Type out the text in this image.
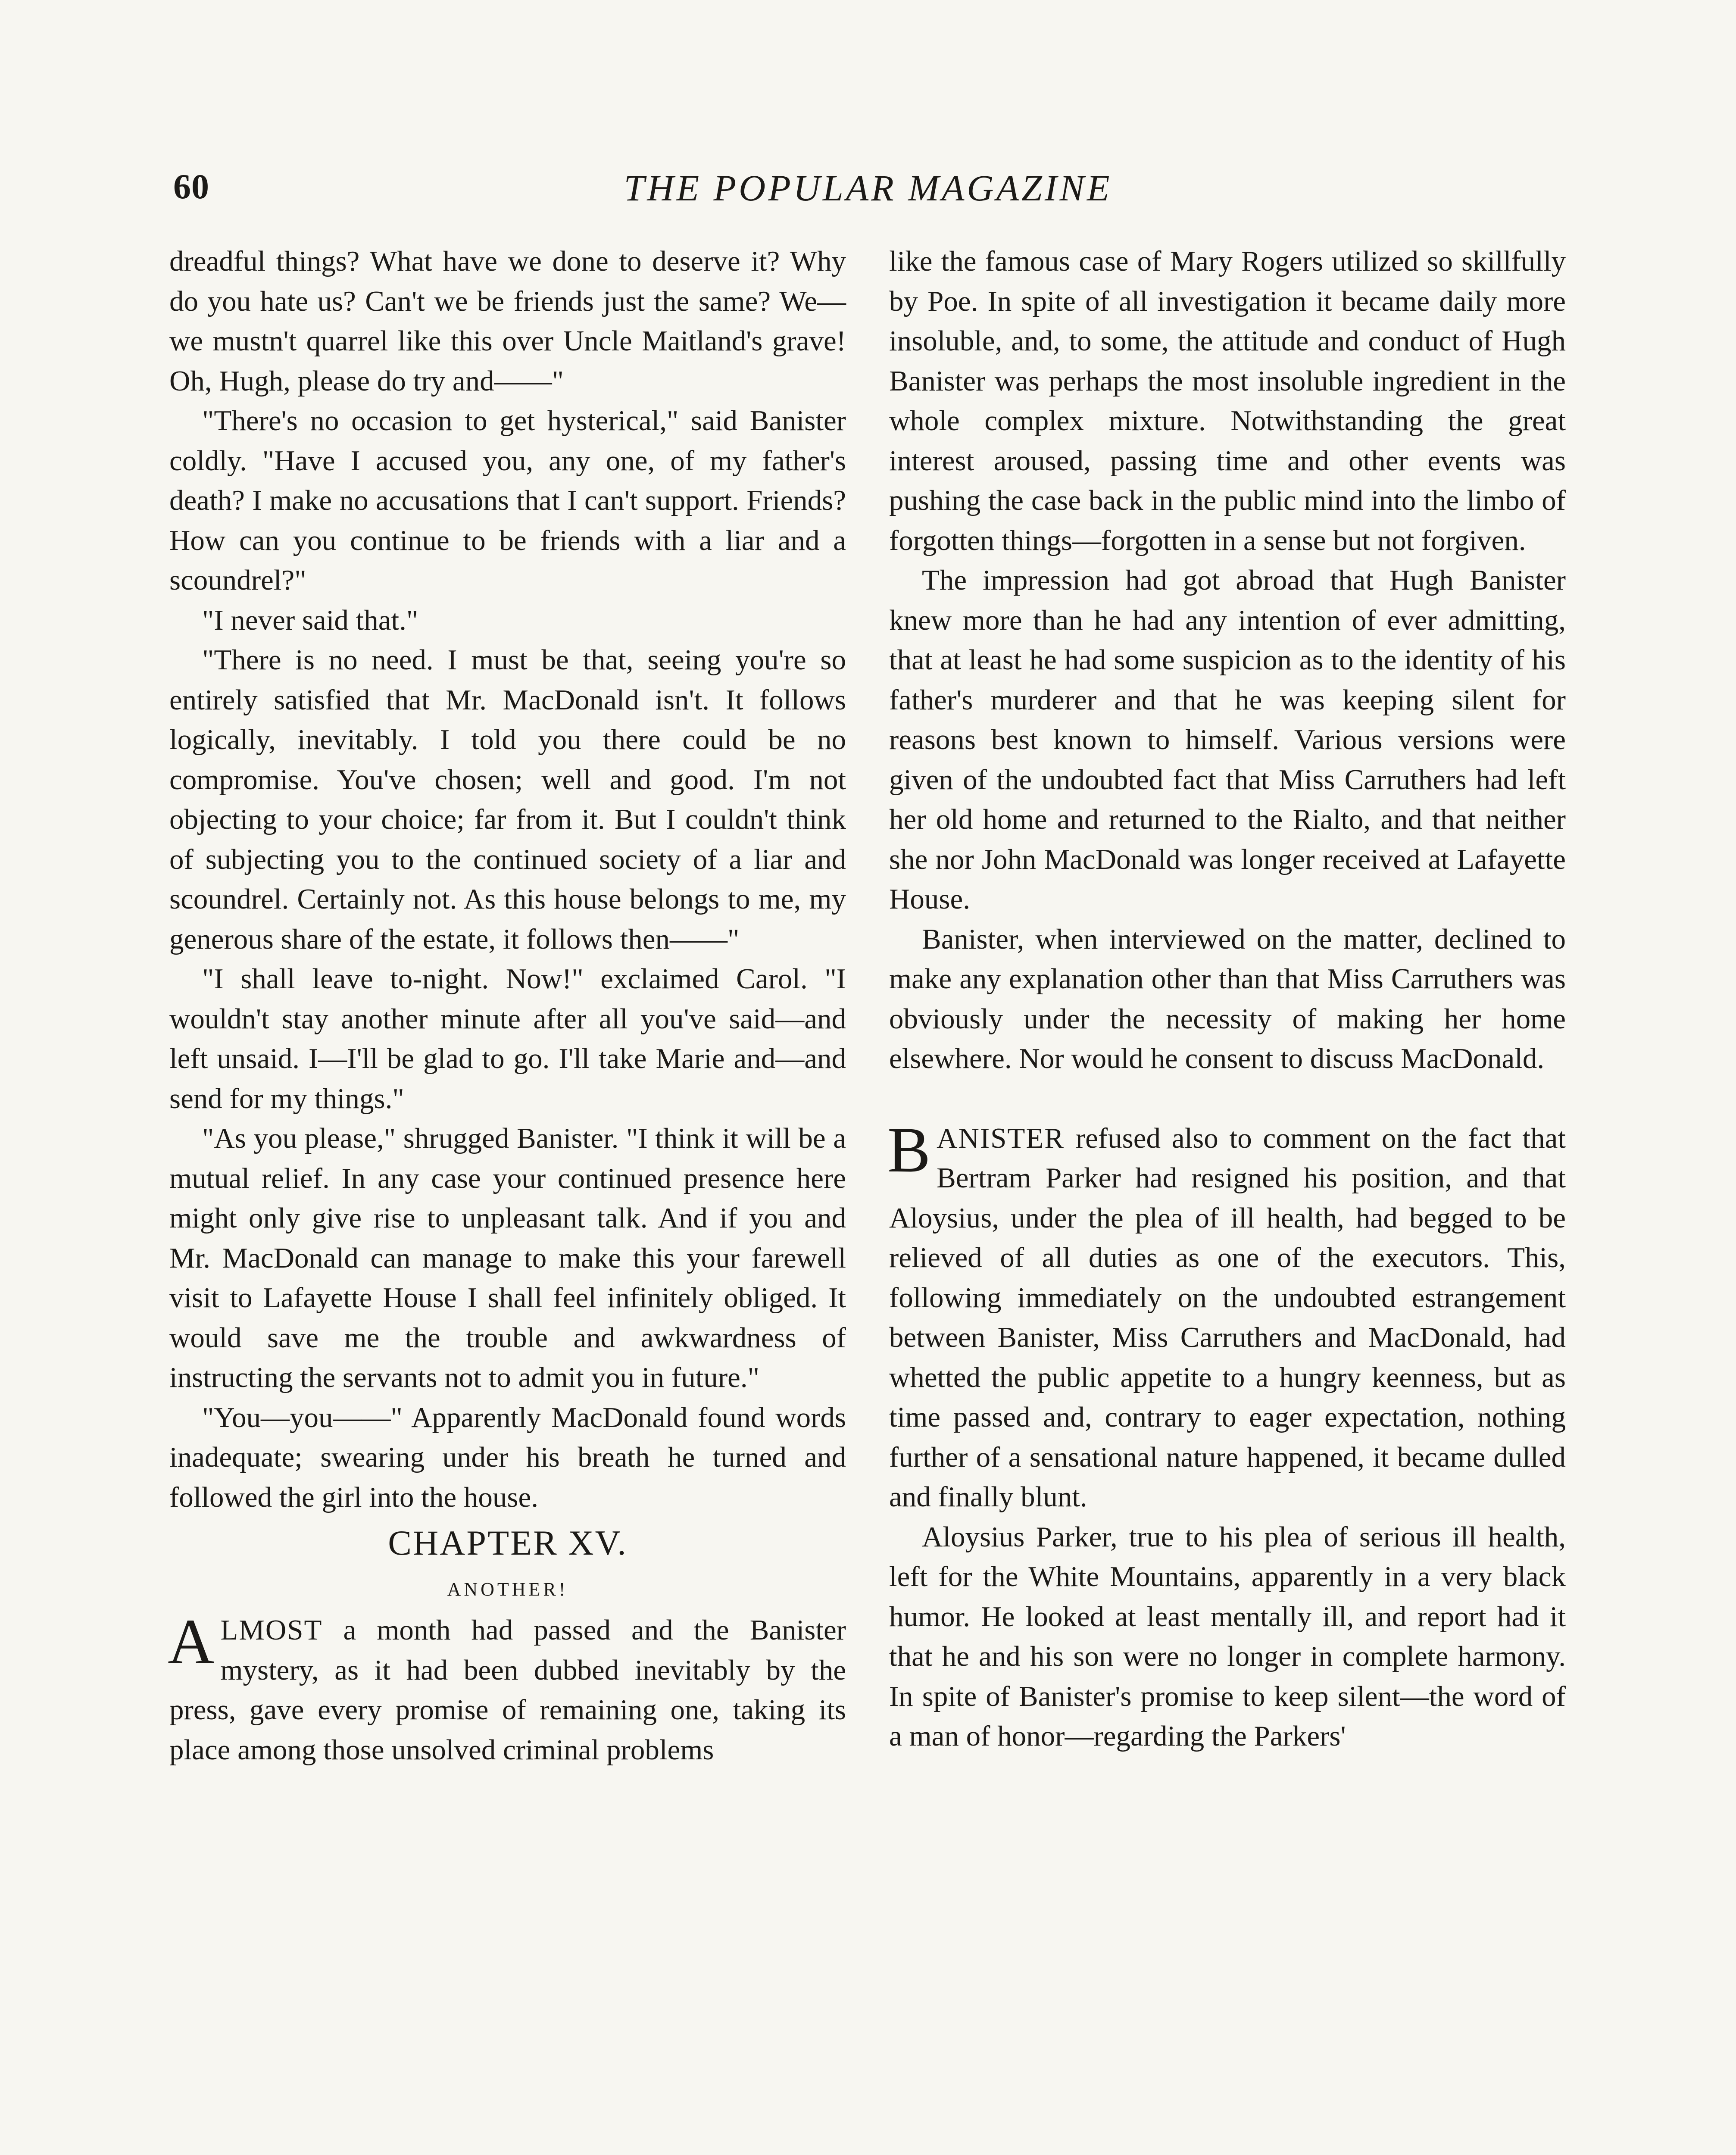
60	THE POPULAR MAGAZINE

dreadful things? What have we done to deserve it? Why do you hate us? Can't we be friends just the same? We—we mustn't quarrel like this over Uncle Maitland's grave! Oh, Hugh, please do try and——"

"There's no occasion to get hysterical," said Banister coldly. "Have I accused you, any one, of my father's death? I make no accusations that I can't support. Friends? How can you continue to be friends with a liar and a scoundrel?"

"I never said that."

"There is no need. I must be that, seeing you're so entirely satisfied that Mr. MacDonald isn't. It follows logically, inevitably. I told you there could be no compromise. You've chosen; well and good. I'm not objecting to your choice; far from it. But I couldn't think of subjecting you to the continued society of a liar and scoundrel. Certainly not. As this house belongs to me, my generous share of the estate, it follows then——"

"I shall leave to-night. Now!" exclaimed Carol. "I wouldn't stay another minute after all you've said—and left unsaid. I—I'll be glad to go. I'll take Marie and—and send for my things."

"As you please," shrugged Banister. "I think it will be a mutual relief. In any case your continued presence here might only give rise to unpleasant talk. And if you and Mr. MacDonald can manage to make this your farewell visit to Lafayette House I shall feel infinitely obliged. It would save me the trouble and awkwardness of instructing the servants not to admit you in future."

"You—you——" Apparently MacDonald found words inadequate; swearing under his breath he turned and followed the girl into the house.

CHAPTER XV.

ANOTHER!

ALMOST a month had passed and the Banister mystery, as it had been dubbed inevitably by the press, gave every promise of remaining one, taking its place among those unsolved criminal problems

like the famous case of Mary Rogers utilized so skillfully by Poe. In spite of all investigation it became daily more insoluble, and, to some, the attitude and conduct of Hugh Banister was perhaps the most insoluble ingredient in the whole complex mixture. Notwithstanding the great interest aroused, passing time and other events was pushing the case back in the public mind into the limbo of forgotten things—forgotten in a sense but not forgiven.

The impression had got abroad that Hugh Banister knew more than he had any intention of ever admitting, that at least he had some suspicion as to the identity of his father's murderer and that he was keeping silent for reasons best known to himself. Various versions were given of the undoubted fact that Miss Carruthers had left her old home and returned to the Rialto, and that neither she nor John MacDonald was longer received at Lafayette House.

Banister, when interviewed on the matter, declined to make any explanation other than that Miss Carruthers was obviously under the necessity of making her home elsewhere. Nor would he consent to discuss MacDonald.

BANISTER refused also to comment on the fact that Bertram Parker had resigned his position, and that Aloysius, under the plea of ill health, had begged to be relieved of all duties as one of the executors. This, following immediately on the undoubted estrangement between Banister, Miss Carruthers and MacDonald, had whetted the public appetite to a hungry keenness, but as time passed and, contrary to eager expectation, nothing further of a sensational nature happened, it became dulled and finally blunt.

Aloysius Parker, true to his plea of serious ill health, left for the White Mountains, apparently in a very black humor. He looked at least mentally ill, and report had it that he and his son were no longer in complete harmony. In spite of Banister's promise to keep silent—the word of a man of honor—regarding the Parkers'
